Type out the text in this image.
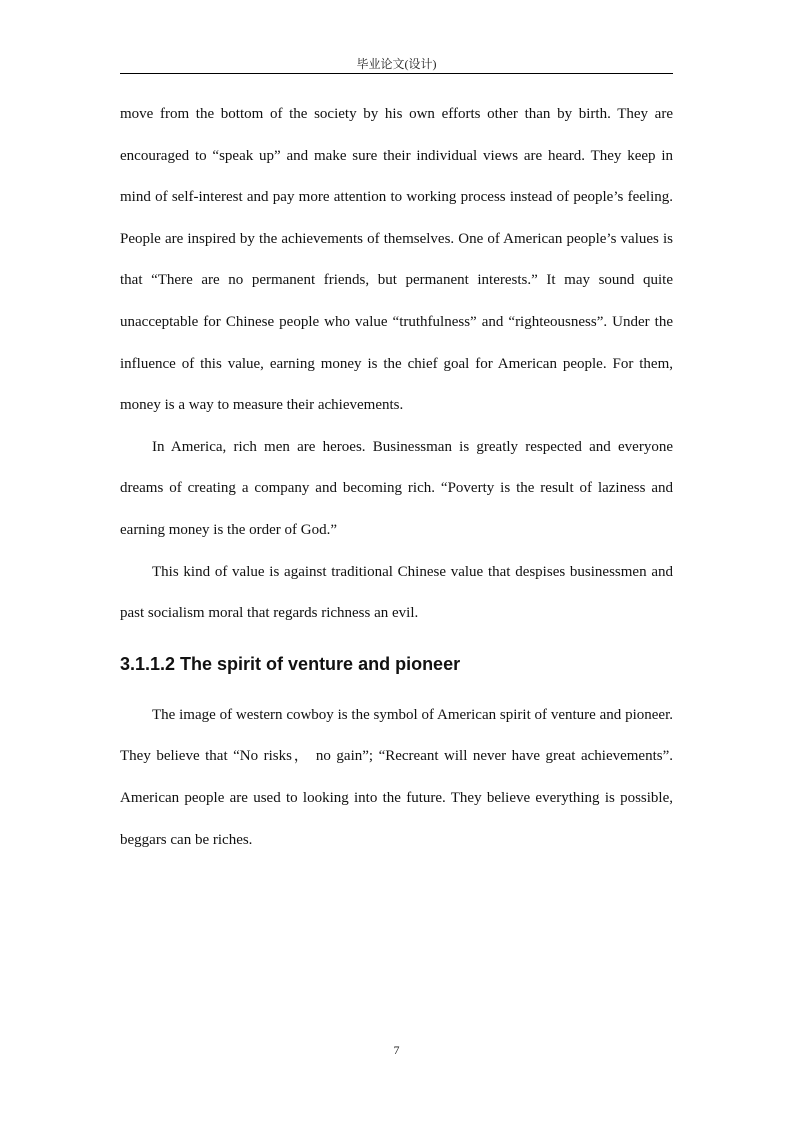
毕业论文(设计)

move from the bottom of the society by his own efforts other than by birth. They are encouraged to “speak up” and make sure their individual views are heard. They keep in mind of self-interest and pay more attention to working process instead of people’s feeling. People are inspired by the achievements of themselves. One of American people’s values is that “There are no permanent friends, but permanent interests.” It may sound quite unacceptable for Chinese people who value “truthfulness” and “righteousness”. Under the influence of this value, earning money is the chief goal for American people. For them, money is a way to measure their achievements.

In America, rich men are heroes. Businessman is greatly respected and everyone dreams of creating a company and becoming rich. “Poverty is the result of laziness and earning money is the order of God.”

This kind of value is against traditional Chinese value that despises businessmen and past socialism moral that regards richness an evil.

3.1.1.2 The spirit of venture and pioneer

The image of western cowboy is the symbol of American spirit of venture and pioneer. They believe that “No risks， no gain”; “Recreant will never have great achievements”. American people are used to looking into the future. They believe everything is possible, beggars can be riches.

7
